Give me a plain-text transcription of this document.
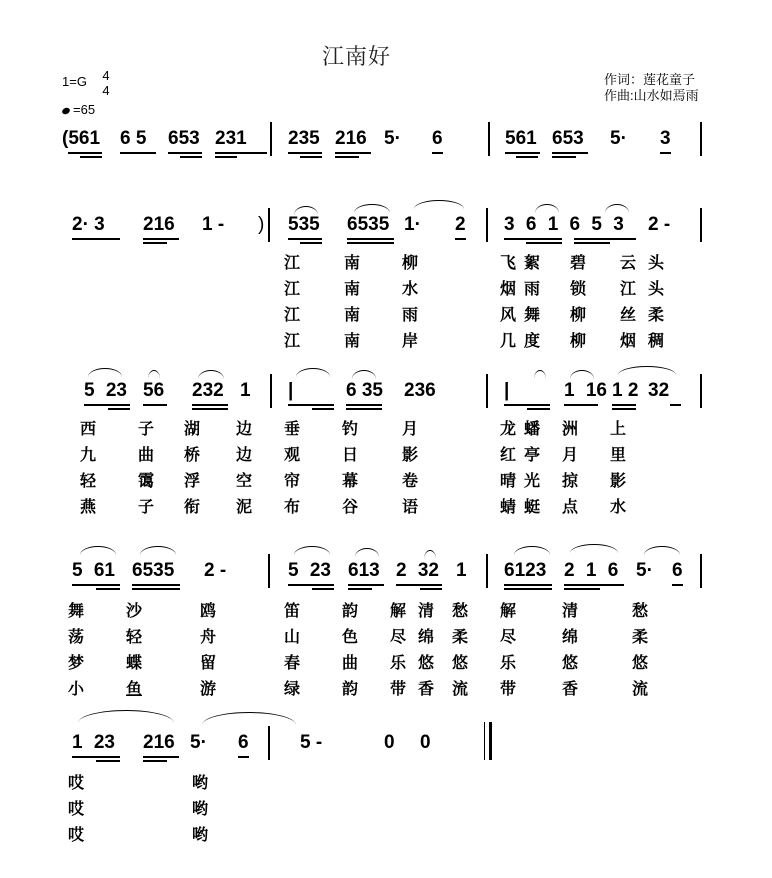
江南好
1=G 4
4
=65
作词：莲花童子
作曲:山水如焉雨
(561 6 5 653 231 235 216 5· 6	561 653 5· 3
2· 3 216 1 - ) 535 6535 1· 2 3 6 1 6 5 3 2 -
江	南	柳	飞 絮 碧 云 头
江	南	水	烟 雨 锁 江 头
江	南	雨	风 舞 柳 丝 柔
江	南	岸	几 度 柳 烟 稠
5 23 56 232 1 |	6 35 236	|	1 16 1 2 32
西	子 湖 边 垂	钓	月	龙 蟠 洲 上
九	曲 桥 边 观	日	影	红 亭 月 里
轻	霭 浮 空 帘	幕	卷	晴 光 掠 影
燕	子 衔 泥 布	谷	语	蜻 蜓 点 水
5 61 6535 2 -	5 23 613 2 32 1 6123 2 1 6 5· 6
舞	沙	鸥	笛	韵 解 清 愁 解	清	愁
荡	轻	舟	山	色 尽 绵 柔 尽	绵	柔
梦	蝶	留	春	曲 乐 悠 悠 乐	悠	悠
小	鱼	游	绿	韵 带 香 流 带	香	流
1 23 216 5· 6	5 -	0 0
哎	哟
哎	哟
哎	哟
